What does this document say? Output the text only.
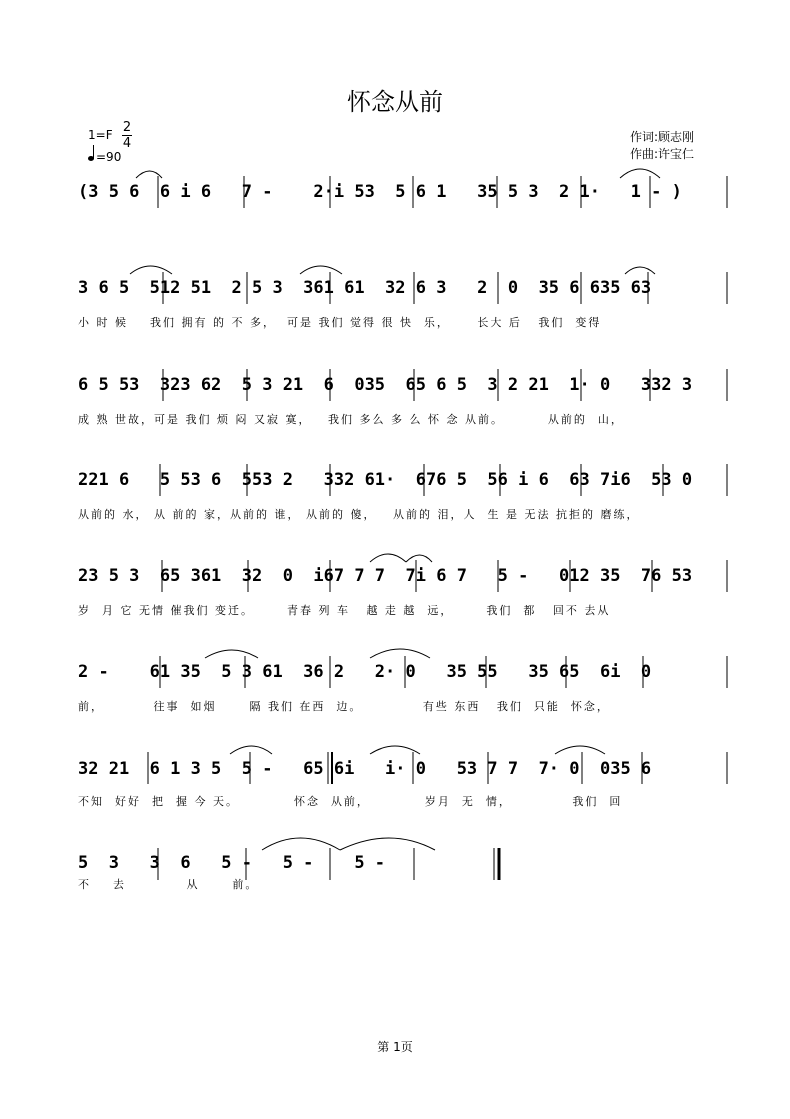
怀念从前
1=F 2
4
=90
作词:顾志刚
作曲:许宝仁
(3 5 6  6 i 6   7 -    2·i 53  5 6 1   35 5 3  2 1·   1 - )
3 6 5  512 51  2 5 3  361 61  32 6 3   2  0  35 6 635 63
小 时 候    我们 拥有 的 不 多，  可是 我们 觉得 很 快  乐，     长大 后   我们  变得
6 5 53  323 62  5 3 21  6  035  65 6 5  3 2 21  1· 0   332 3
成 熟 世故，可是 我们 烦 闷 又寂 寞，   我们 多么 多 么 怀 念 从前。        从前的  山，
221 6   5 53 6  553 2   332 61·  676 5  56 i 6  63 7i6  53 0
从前的 水， 从 前的 家，从前的 谁， 从前的 傻，   从前的 泪，人  生 是 无法 抗拒的 磨练，
23 5 3  65 361  32  0  i67 7 7  7i 6 7   5 -   012 35  76 53
岁  月 它 无情 催我们 变迁。      青春 列 车   越 走 越  远，      我们  都   回不 去从
2 -    61 35  5 3 61  36 2   2· 0   35 55   35 65  6i  0
前，         往事  如烟      隔 我们 在西  边。           有些 东西   我们  只能  怀念，
32 21  6 1 3 5  5 -   65 6i   i· 0   53 7 7  7· 0  035 6
不知  好好  把  握 今 天。          怀念  从前，          岁月  无  情，           我们  回
5  3   3  6   5 -   5 -    5 -
不    去           从      前。
第 1页
